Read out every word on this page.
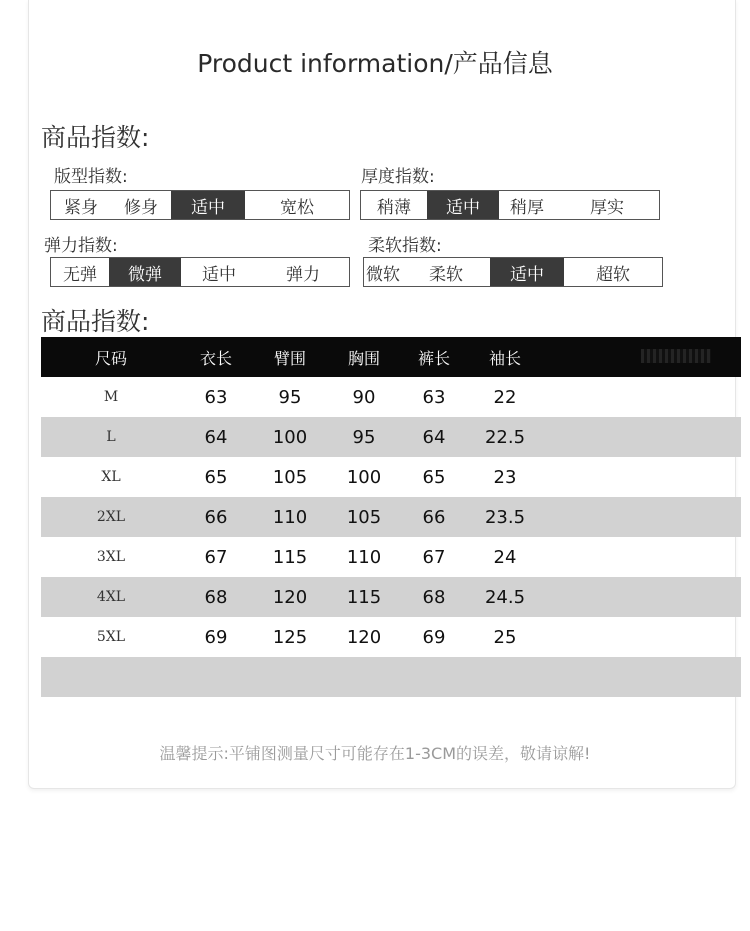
Product information/产品信息
商品指数:
版型指数:
紧身	修身	适中	宽松
厚度指数:
稍薄	适中	稍厚	厚实
弹力指数:
无弹	微弹	适中	弹力
柔软指数:
微软	柔软	适中	超软
商品指数:
尺码	衣长	臂围	胸围	裤长	袖长	
M	63	95	90	63	22	
L	64	100	95	64	22.5	
XL	65	105	100	65	23	
2XL	66	110	105	66	23.5	
3XL	67	115	110	67	24	
4XL	68	120	115	68	24.5	
5XL	69	125	120	69	25	

温馨提示:平铺图测量尺寸可能存在1-3CM的误差，敬请谅解!
